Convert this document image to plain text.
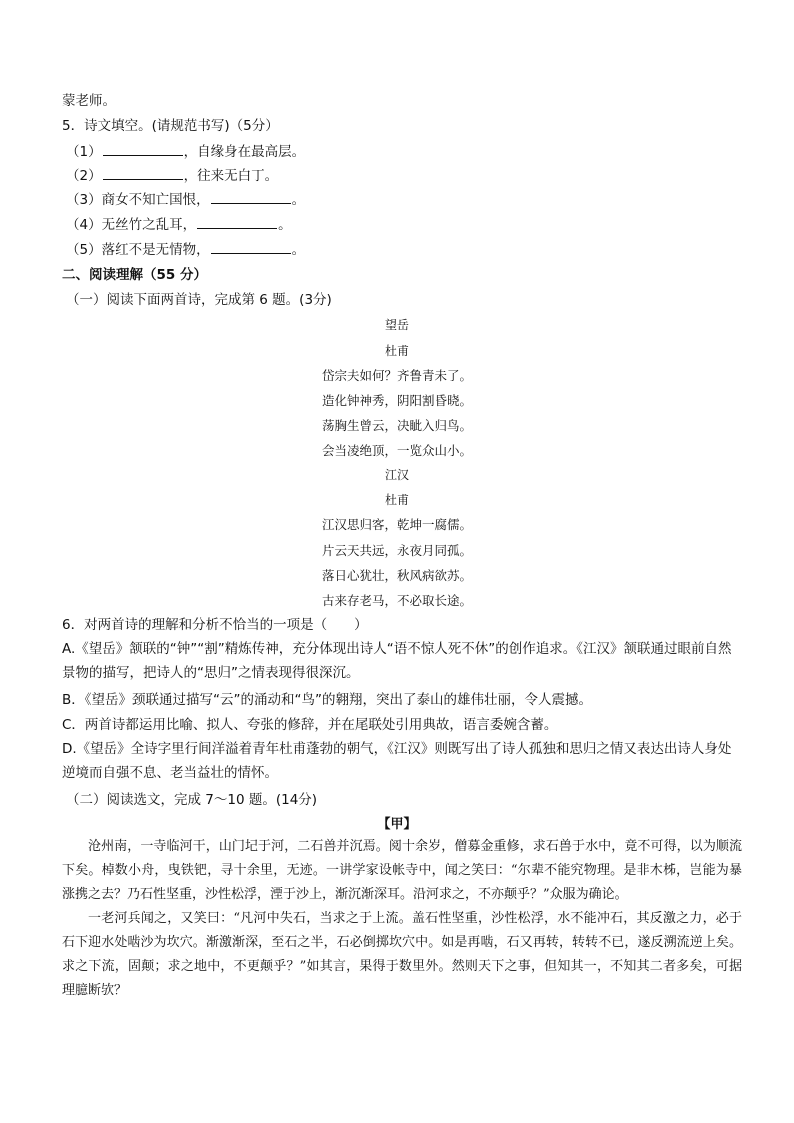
蒙老师。
5．诗文填空。(请规范书写)（5分）
（1）	，自缘身在最高层。
（2）	，往来无白丁。
（3）商女不知亡国恨，	。
（4）无丝竹之乱耳，	。
（5）落红不是无情物，	。
二、阅读理解（55 分）
（一）阅读下面两首诗，完成第 6 题。(3分)
望岳
杜甫
岱宗夫如何？齐鲁青未了。
造化钟神秀，阴阳割昏晓。
荡胸生曾云，决眦入归鸟。
会当凌绝顶，一览众山小。
江汉
杜甫
江汉思归客，乾坤一腐儒。
片云天共远，永夜月同孤。
落日心犹壮，秋风病欲苏。
古来存老马，不必取长途。
6．对两首诗的理解和分析不恰当的一项是（　　）
A.《望岳》颔联的“钟”“割”精炼传神，充分体现出诗人“语不惊人死不休”的创作追求。《江汉》颔联通过眼前自然景物的描写，把诗人的“思归”之情表现得很深沉。
B．《望岳》颈联通过描写“云”的涌动和“鸟”的翱翔，突出了泰山的雄伟壮丽，令人震撼。
C．两首诗都运用比喻、拟人、夸张的修辞，并在尾联处引用典故，语言委婉含蓄。
D.《望岳》全诗字里行间洋溢着青年杜甫蓬勃的朝气，《江汉》则既写出了诗人孤独和思归之情又表达出诗人身处逆境而自强不息、老当益壮的情怀。
（二）阅读选文，完成 7～10 题。(14分)
【甲】

沧州南，一寺临河干，山门圮于河，二石兽并沉焉。阅十余岁，僧募金重修，求石兽于水中，竟不可得，以为顺流下矣。棹数小舟，曳铁钯，寻十余里，无迹。一讲学家设帐寺中，闻之笑曰：“尔辈不能究物理。是非木柹，岂能为暴涨携之去？乃石性坚重，沙性松浮，湮于沙上，渐沉渐深耳。沿河求之，不亦颠乎？”众服为确论。

一老河兵闻之，又笑曰：“凡河中失石，当求之于上流。盖石性坚重，沙性松浮，水不能冲石，其反激之力，必于石下迎水处啮沙为坎穴。渐激渐深，至石之半，石必倒掷坎穴中。如是再啮，石又再转，转转不已，遂反溯流逆上矣。求之下流，固颠；求之地中，不更颠乎？”如其言，果得于数里外。然则天下之事，但知其一，不知其二者多矣，可据理臆断欤？
